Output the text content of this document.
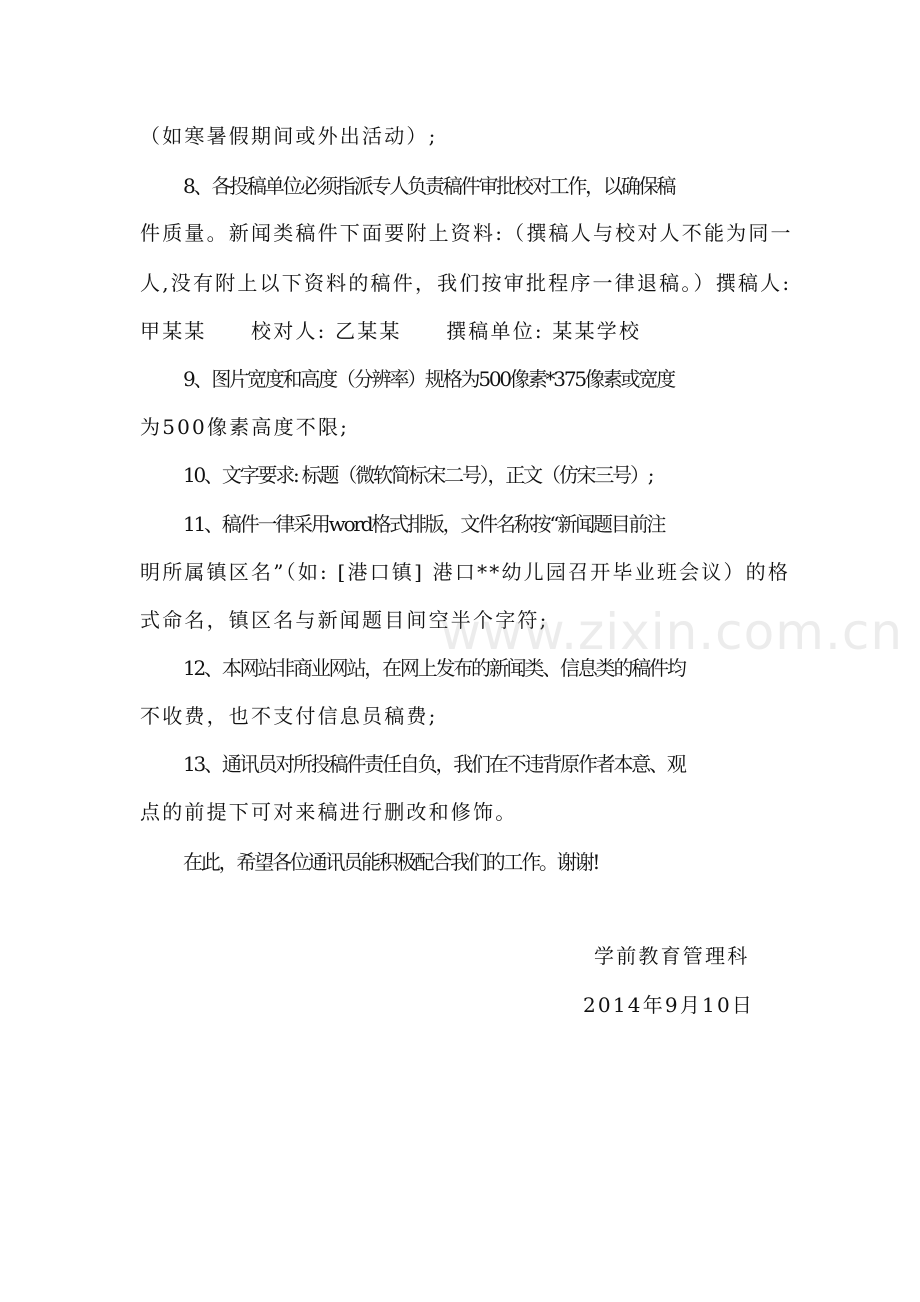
（如寒暑假期间或外出活动）;
8、各投稿单位必须指派专人负责稿件审批校对工作，以确保稿
件质量。新闻类稿件下面要附上资料:（撰稿人与校对人不能为同一
人,没有附上以下资料的稿件，我们按审批程序一律退稿。）撰稿人:
甲某某　　校对人: 乙某某　　撰稿单位: 某某学校
9、图片宽度和高度（分辨率）规格为500像素*375像素或宽度
为500像素高度不限;
10、文字要求: 标题（微软简标宋二号），正文（仿宋三号）;
11、稿件一律采用word格式排版，文件名称按“新闻题目前注
明所属镇区名”（如: [港口镇] 港口**幼儿园召开毕业班会议）的格
式命名，镇区名与新闻题目间空半个字符;
12、本网站非商业网站，在网上发布的新闻类、信息类的稿件均
不收费，也不支付信息员稿费;
13、通讯员对所投稿件责任自负，我们在不违背原作者本意、观
点的前提下可对来稿进行删改和修饰。
在此，希望各位通讯员能积极配合我们的工作。谢谢!
学前教育管理科
2014年9月10日
www.zixin.com.cn
